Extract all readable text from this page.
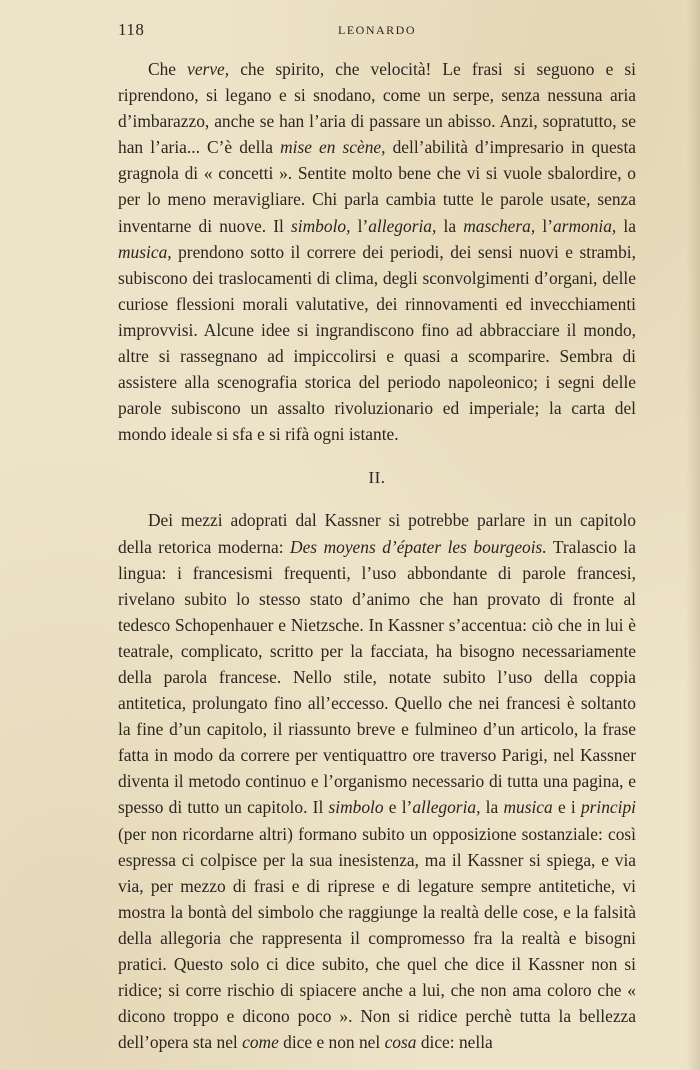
118	LEONARDO

Che verve, che spirito, che velocità! Le frasi si seguono e si riprendono, si legano e si snodano, come un serpe, senza nessuna aria d’imbarazzo, anche se han l’aria di passare un abisso. Anzi, sopratutto, se han l’aria... C’è della mise en scène, dell’abilità d’impresario in questa gragnola di « concetti ». Sentite molto bene che vi si vuole sbalordire, o per lo meno meravigliare. Chi parla cambia tutte le parole usate, senza inventarne di nuove. Il simbolo, l’allegoria, la maschera, l’armonia, la musica, prendono sotto il correre dei periodi, dei sensi nuovi e strambi, subiscono dei traslocamenti di clima, degli sconvolgimenti d’organi, delle curiose flessioni morali valutative, dei rinnovamenti ed invecchiamenti improvvisi. Alcune idee si ingrandiscono fino ad abbracciare il mondo, altre si rassegnano ad impiccolirsi e quasi a scomparire. Sembra di assistere alla scenografia storica del periodo napoleonico; i segni delle parole subiscono un assalto rivoluzionario ed imperiale; la carta del mondo ideale si sfa e si rifà ogni istante.

II.

Dei mezzi adoprati dal Kassner si potrebbe parlare in un capitolo della retorica moderna: Des moyens d’épater les bourgeois. Tralascio la lingua: i francesismi frequenti, l’uso abbondante di parole francesi, rivelano subito lo stesso stato d’animo che han provato di fronte al tedesco Schopenhauer e Nietzsche. In Kassner s’accentua: ciò che in lui è teatrale, complicato, scritto per la facciata, ha bisogno necessariamente della parola francese. Nello stile, notate subito l’uso della coppia antitetica, prolungato fino all’eccesso. Quello che nei francesi è soltanto la fine d’un capitolo, il riassunto breve e fulmineo d’un articolo, la frase fatta in modo da correre per ventiquattro ore traverso Parigi, nel Kassner diventa il metodo continuo e l’organismo necessario di tutta una pagina, e spesso di tutto un capitolo. Il simbolo e l’allegoria, la musica e i principi (per non ricordarne altri) formano subito un opposizione sostanziale: così espressa ci colpisce per la sua inesistenza, ma il Kassner si spiega, e via via, per mezzo di frasi e di riprese e di legature sempre antitetiche, vi mostra la bontà del simbolo che raggiunge la realtà delle cose, e la falsità della allegoria che rappresenta il compromesso fra la realtà e bisogni pratici. Questo solo ci dice subito, che quel che dice il Kassner non si ridice; si corre rischio di spiacere anche a lui, che non ama coloro che « dicono troppo e dicono poco ». Non si ridice perchè tutta la bellezza dell’opera sta nel come dice e non nel cosa dice: nella
